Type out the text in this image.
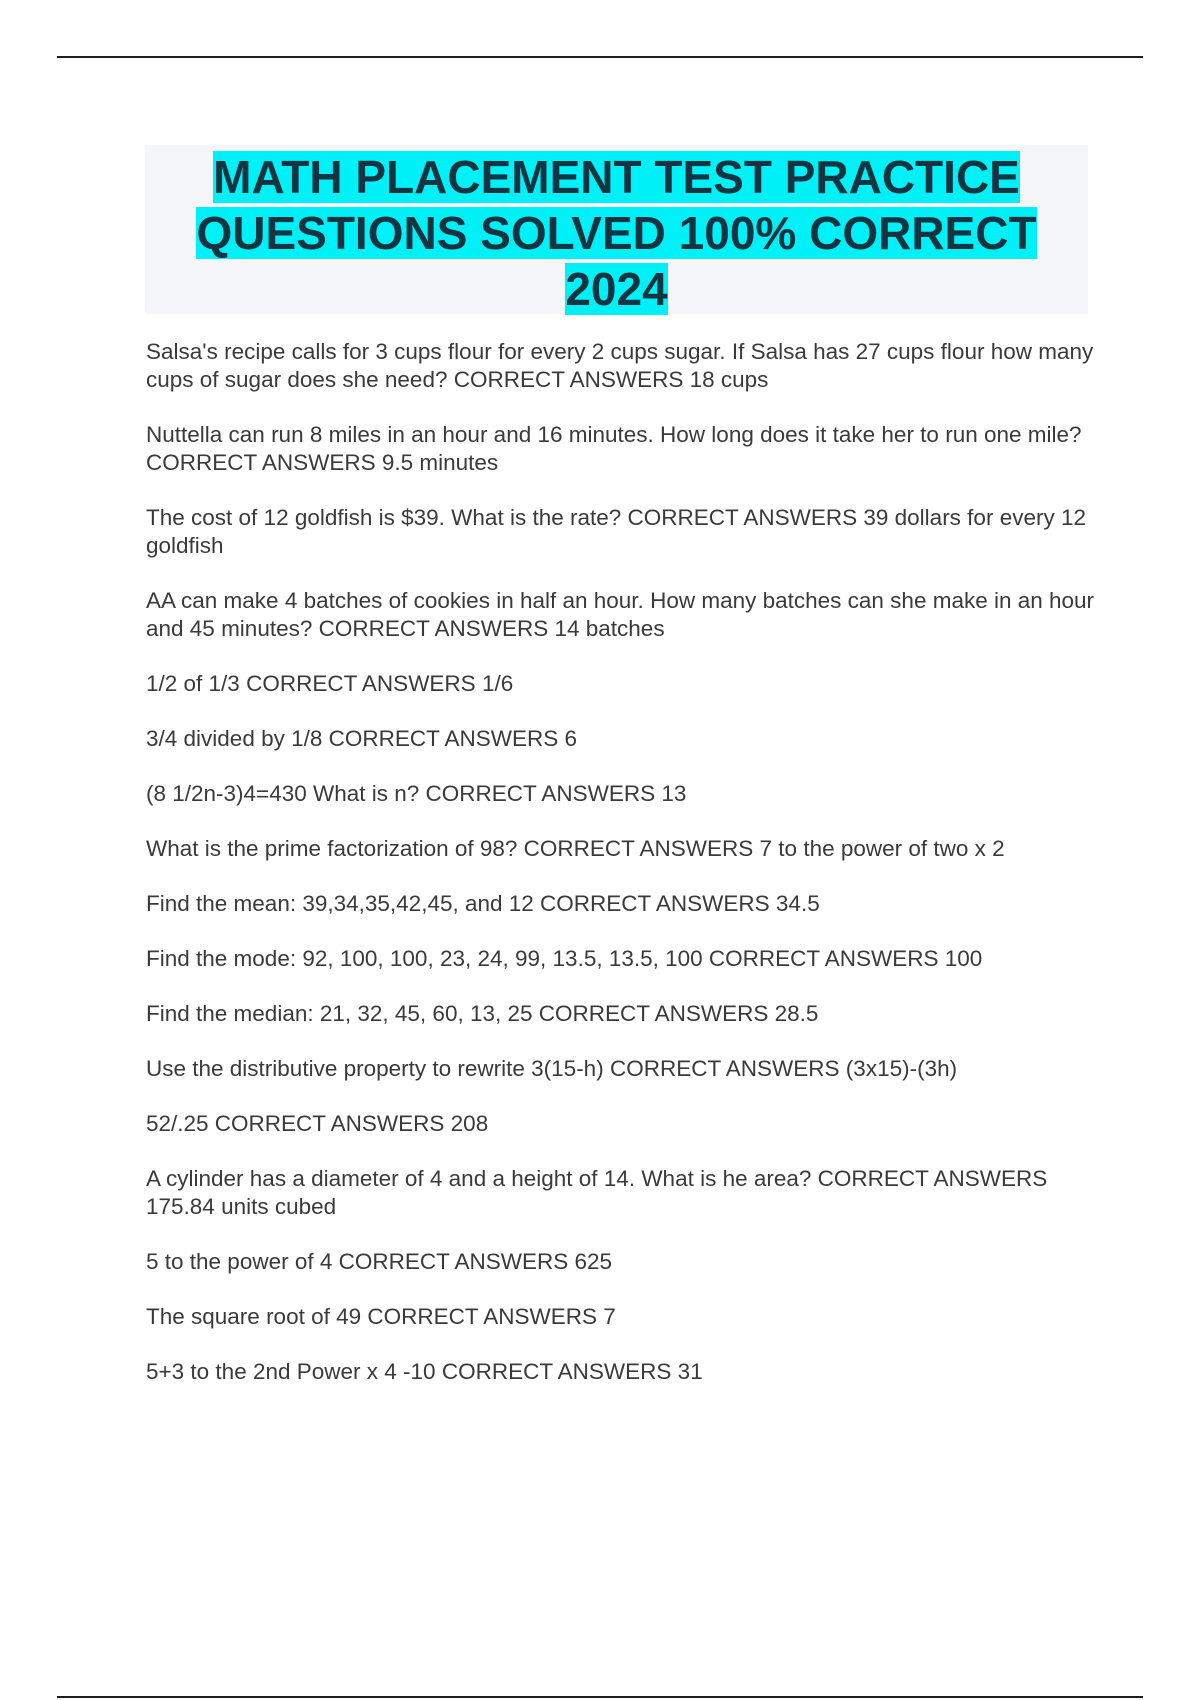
MATH PLACEMENT TEST PRACTICE QUESTIONS SOLVED 100% CORRECT 2024
Salsa's recipe calls for 3 cups flour for every 2 cups sugar. If Salsa has 27 cups flour how many cups of sugar does she need? CORRECT ANSWERS 18 cups
Nuttella can run 8 miles in an hour and 16 minutes. How long does it take her to run one mile? CORRECT ANSWERS 9.5 minutes
The cost of 12 goldfish is $39. What is the rate? CORRECT ANSWERS 39 dollars for every 12 goldfish
AA can make 4 batches of cookies in half an hour. How many batches can she make in an hour and 45 minutes? CORRECT ANSWERS 14 batches
1/2 of 1/3 CORRECT ANSWERS 1/6
3/4 divided by 1/8 CORRECT ANSWERS 6
(8 1/2n-3)4=430 What is n? CORRECT ANSWERS 13
What is the prime factorization of 98? CORRECT ANSWERS 7 to the power of two x 2
Find the mean: 39,34,35,42,45, and 12 CORRECT ANSWERS 34.5
Find the mode: 92, 100, 100, 23, 24, 99, 13.5, 13.5, 100 CORRECT ANSWERS 100
Find the median: 21, 32, 45, 60, 13, 25 CORRECT ANSWERS 28.5
Use the distributive property to rewrite 3(15-h) CORRECT ANSWERS (3x15)-(3h)
52/.25 CORRECT ANSWERS 208
A cylinder has a diameter of 4 and a height of 14. What is he area? CORRECT ANSWERS 175.84 units cubed
5 to the power of 4 CORRECT ANSWERS 625
The square root of 49 CORRECT ANSWERS 7
5+3 to the 2nd Power x 4 -10 CORRECT ANSWERS 31
